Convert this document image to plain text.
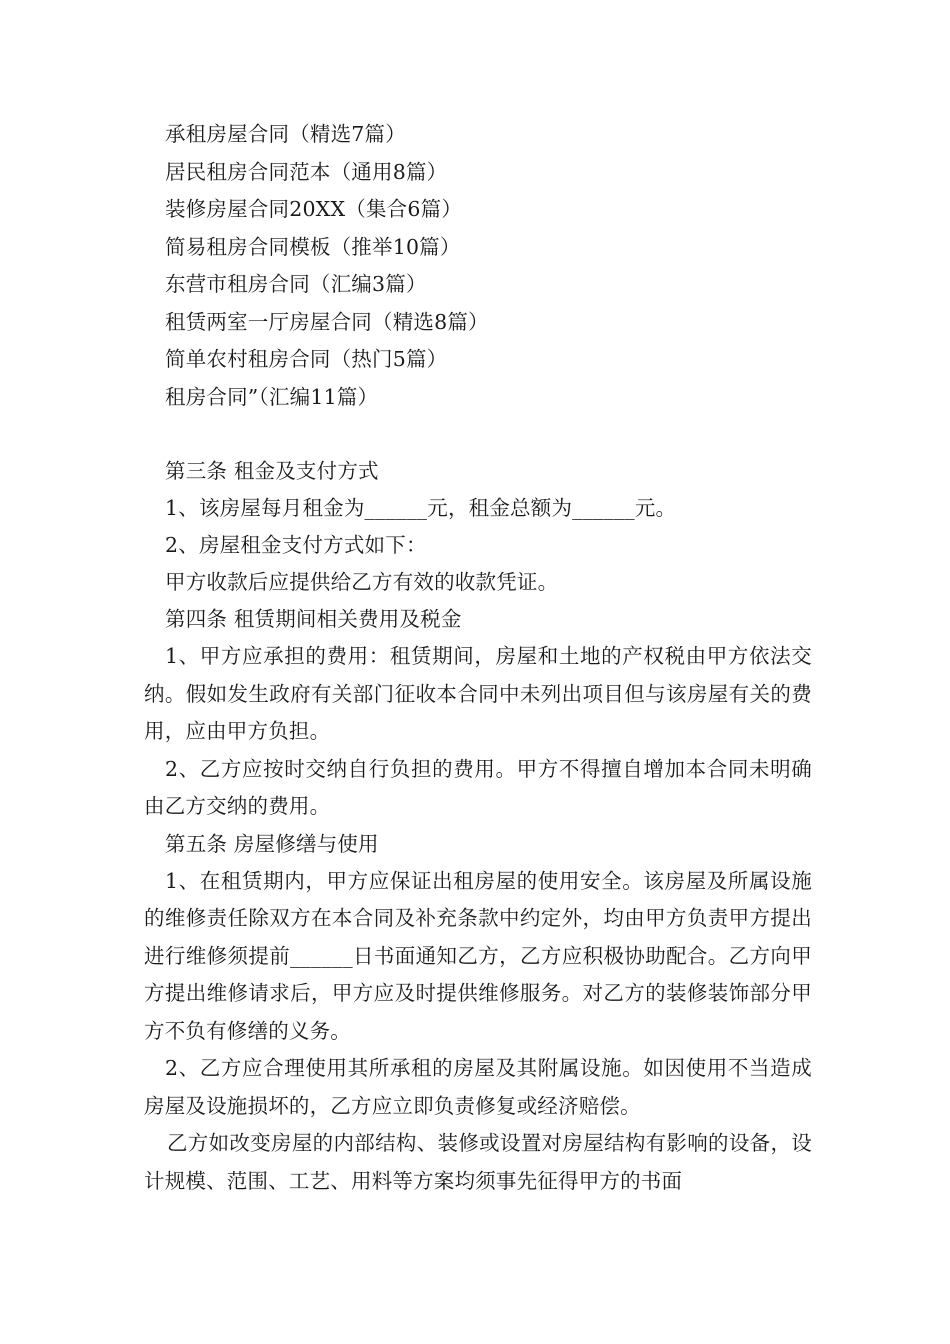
承租房屋合同（精选7篇）
居民租房合同范本（通用8篇）
装修房屋合同20XX（集合6篇）
简易租房合同模板（推举10篇）
东营市租房合同（汇编3篇）
租赁两室一厅房屋合同（精选8篇）
简单农村租房合同（热门5篇）
租房合同”（汇编11篇）
第三条 租金及支付方式
1、该房屋每月租金为______元，租金总额为______元。
2、房屋租金支付方式如下：
甲方收款后应提供给乙方有效的收款凭证。
第四条 租赁期间相关费用及税金

1、甲方应承担的费用：租赁期间，房屋和土地的产权税由甲方依法交纳。假如发生政府有关部门征收本合同中未列出项目但与该房屋有关的费用，应由甲方负担。

2、乙方应按时交纳自行负担的费用。甲方不得擅自增加本合同未明确由乙方交纳的费用。

第五条 房屋修缮与使用

1、在租赁期内，甲方应保证出租房屋的使用安全。该房屋及所属设施的维修责任除双方在本合同及补充条款中约定外，均由甲方负责甲方提出进行维修须提前______日书面通知乙方，乙方应积极协助配合。乙方向甲方提出维修请求后，甲方应及时提供维修服务。对乙方的装修装饰部分甲方不负有修缮的义务。

2、乙方应合理使用其所承租的房屋及其附属设施。如因使用不当造成房屋及设施损坏的，乙方应立即负责修复或经济赔偿。

乙方如改变房屋的内部结构、装修或设置对房屋结构有影响的设备，设计规模、范围、工艺、用料等方案均须事先征得甲方的书面
